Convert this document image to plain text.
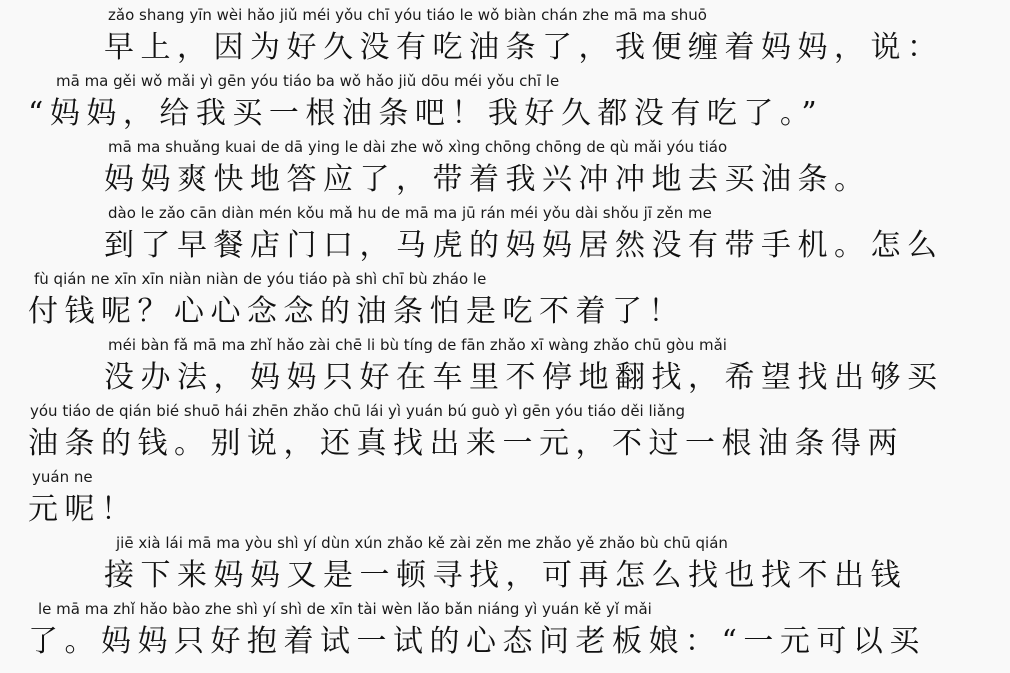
zǎo shang yīn wèi hǎo jiǔ méi yǒu chī yóu tiáo le wǒ biàn chán zhe mā ma shuō
早上，因为好久没有吃油条了，我便缠着妈妈，说：
mā ma gěi wǒ mǎi yì gēn yóu tiáo ba wǒ hǎo jiǔ dōu méi yǒu chī le
“妈妈，给我买一根油条吧！我好久都没有吃了。”
mā ma shuǎng kuai de dā ying le dài zhe wǒ xìng chōng chōng de qù mǎi yóu tiáo
妈妈爽快地答应了，带着我兴冲冲地去买油条。
dào le zǎo cān diàn mén kǒu mǎ hu de mā ma jū rán méi yǒu dài shǒu jī zěn me
到了早餐店门口，马虎的妈妈居然没有带手机。怎么
fù qián ne xīn xīn niàn niàn de yóu tiáo pà shì chī bù zháo le
付钱呢？心心念念的油条怕是吃不着了！
méi bàn fǎ mā ma zhǐ hǎo zài chē li bù tíng de fān zhǎo xī wàng zhǎo chū gòu mǎi
没办法，妈妈只好在车里不停地翻找，希望找出够买
yóu tiáo de qián bié shuō hái zhēn zhǎo chū lái yì yuán bú guò yì gēn yóu tiáo děi liǎng
油条的钱。别说，还真找出来一元，不过一根油条得两
yuán ne
元呢！
jiē xià lái mā ma yòu shì yí dùn xún zhǎo kě zài zěn me zhǎo yě zhǎo bù chū qián
接下来妈妈又是一顿寻找，可再怎么找也找不出钱
le mā ma zhǐ hǎo bào zhe shì yí shì de xīn tài wèn lǎo bǎn niáng yì yuán kě yǐ mǎi
了。妈妈只好抱着试一试的心态问老板娘：“一元可以买
